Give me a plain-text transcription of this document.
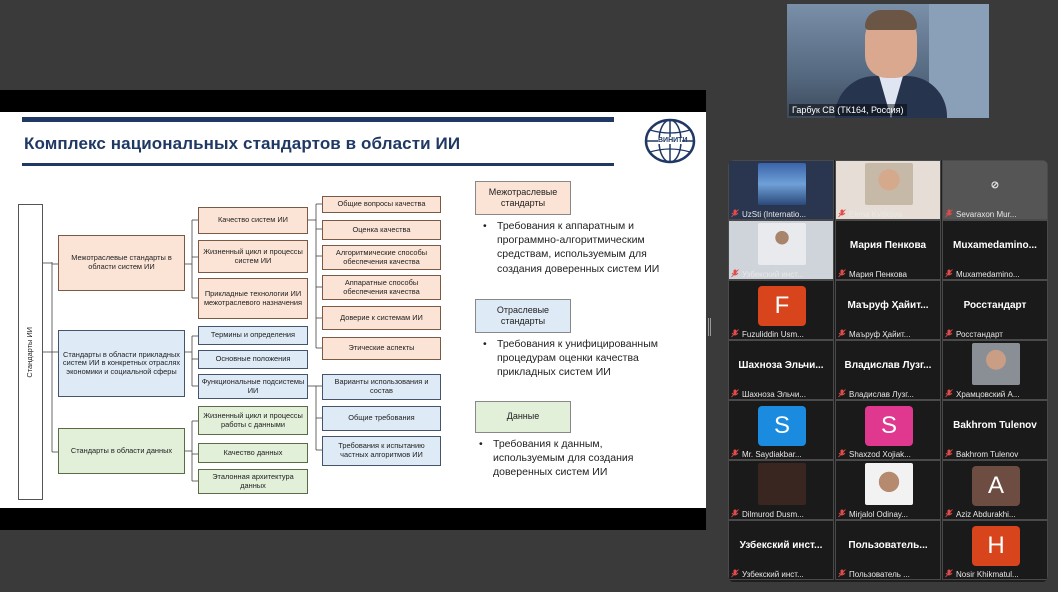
Комплекс национальных стандартов в области ИИ	ВИНИТИ
Стандарты ИИ
Межотраслевые стандарты в области систем ИИ
Стандарты в области прикладных систем ИИ в конкретных отраслях экономики и социальной сферы
Стандарты в области данных
Качество систем ИИ
Жизненный цикл и процессы систем ИИ
Прикладные технологии ИИ межотраслевого назначения
Общие вопросы качества
Оценка качества
Алгоритмические способы обеспечения качества
Аппаратные способы обеспечения качества
Доверие к системам ИИ
Этические аспекты
Термины и определения
Основные положения
Функциональные подсистемы ИИ
Варианты использования и состав
Общие требования
Требования к испытанию частных алгоритмов ИИ
Жизненный цикл и процессы работы с данными
Качество данных
Эталонная архитектура данных
Межотраслевые стандарты
• Требования к аппаратным и программно-алгоритмическим средствам, используемым для создания доверенных систем ИИ
Отраслевые стандарты
• Требования к унифицированным процедурам оценки качества прикладных систем ИИ
Данные
• Требования к данным, используемым для создания доверенных систем ИИ
Гарбук СВ (ТК164, Россия)
UzSti (Internatio...	Elena Kvitkova
⊘
Sevaraxon Mur...
Узбекский инст...
Мария Пенкова
Мария Пенкова
Muxamedamino...
Muxamedamino...
F
Fuzuliddin Usm...
Маъруф Ҳайит...
Маъруф Ҳайит...
Росстандарт
Росстандарт
Шахноза Эльчи...
Шахноза Эльчи...
Владислав Лузг...
Владислав Лузг...	Храмцовский А...
S
Mr. Saydiakbar...
S
Shaxzod Xojiak...
Bakhrom Tulenov
Bakhrom Tulenov
Dilmurod Dusm...	Mirjalol Odinay...
A
Aziz Abdurakhi...
Узбекский инст...
Узбекский инст...
Пользователь...
Пользователь ...
H
Nosir Khikmatul...
